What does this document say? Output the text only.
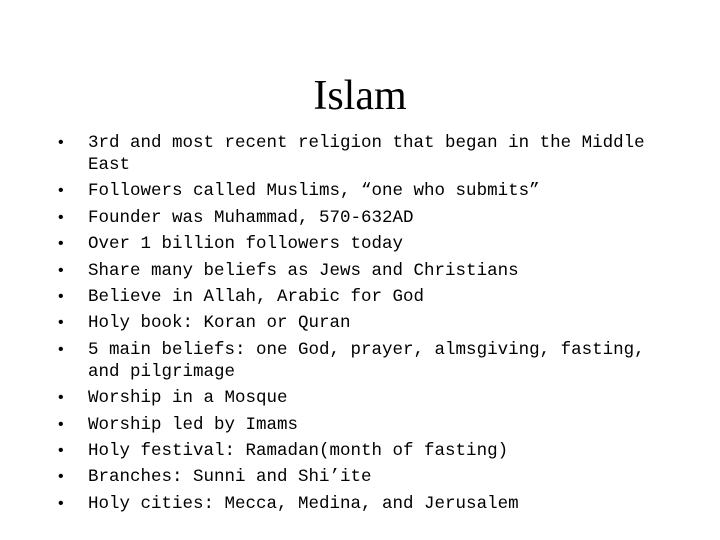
Islam
• 3rd and most recent religion that began in the Middle East
• Followers called Muslims, “one who submits”
• Founder was Muhammad, 570-632AD
• Over 1 billion followers today
• Share many beliefs as Jews and Christians
• Believe in Allah, Arabic for God
• Holy book: Koran or Quran
• 5 main beliefs: one God, prayer, almsgiving, fasting, and pilgrimage
• Worship in a Mosque
• Worship led by Imams
• Holy festival: Ramadan(month of fasting)
• Branches: Sunni and Shi’ite
• Holy cities: Mecca, Medina, and Jerusalem
